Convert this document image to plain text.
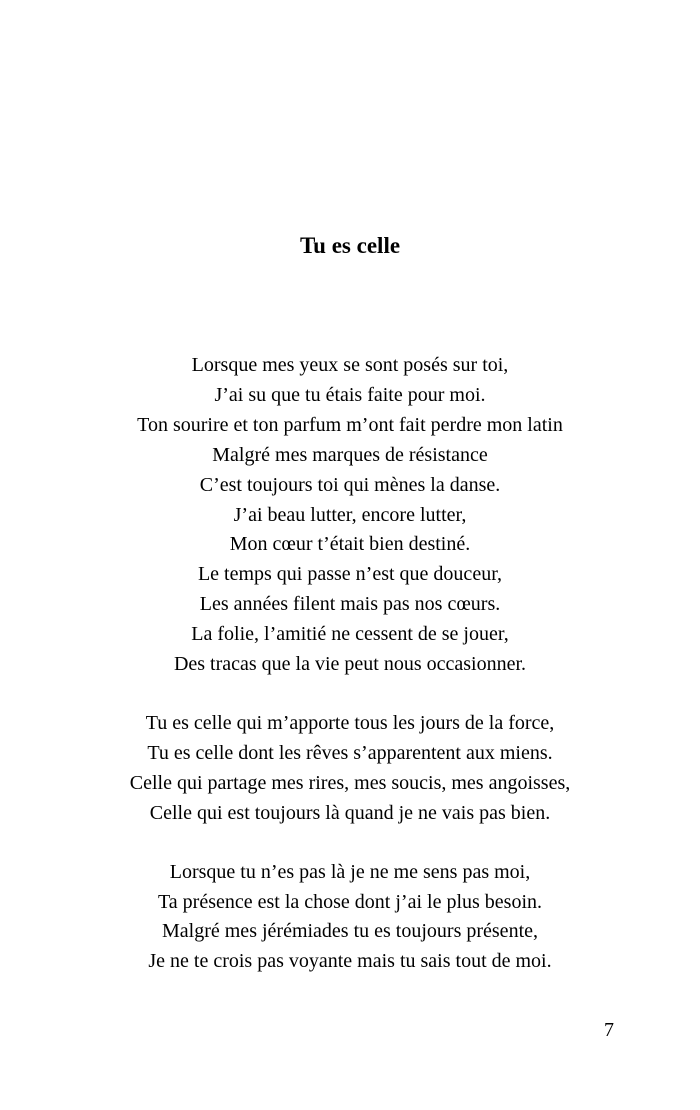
Tu es celle

Lorsque mes yeux se sont posés sur toi,
J’ai su que tu étais faite pour moi.
Ton sourire et ton parfum m’ont fait perdre mon latin
Malgré mes marques de résistance
C’est toujours toi qui mènes la danse.
J’ai beau lutter, encore lutter,
Mon cœur t’était bien destiné.
Le temps qui passe n’est que douceur,
Les années filent mais pas nos cœurs.
La folie, l’amitié ne cessent de se jouer,
Des tracas que la vie peut nous occasionner.

Tu es celle qui m’apporte tous les jours de la force,
Tu es celle dont les rêves s’apparentent aux miens.
Celle qui partage mes rires, mes soucis, mes angoisses,
Celle qui est toujours là quand je ne vais pas bien.

Lorsque tu n’es pas là je ne me sens pas moi,
Ta présence est la chose dont j’ai le plus besoin.
Malgré mes jérémiades tu es toujours présente,
Je ne te crois pas voyante mais tu sais tout de moi.

7
